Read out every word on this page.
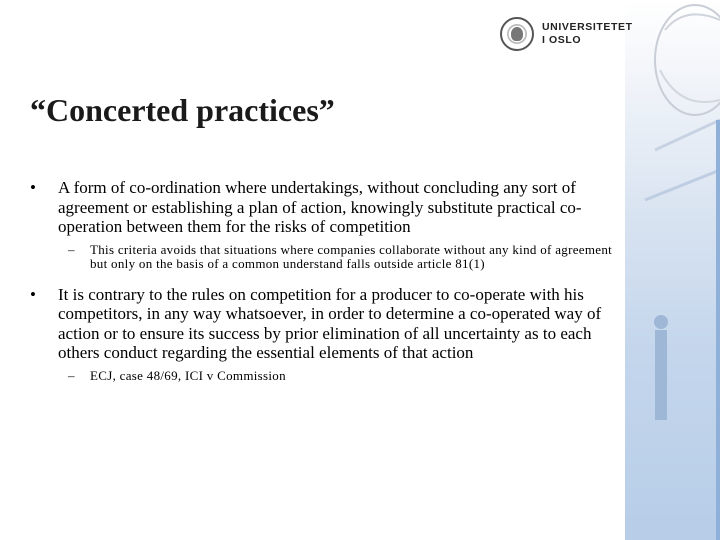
UNIVERSITETET
I OSLO
“Concerted practices”
•	A form of co-ordination where undertakings, without concluding any sort of agreement or establishing a plan of action, knowingly substitute practical co-operation between them for the risks of competition
– This criteria avoids that situations where companies collaborate without any kind of agreement but only on the basis of a common understand falls outside article 81(1)
•	It is contrary to the rules on competition for a producer to co-operate with his competitors, in any way whatsoever, in order to determine a co-operated way of action or to ensure its success by prior elimination of all uncertainty as to each others conduct regarding the essential elements of that action
– ECJ, case 48/69, ICI v Commission
